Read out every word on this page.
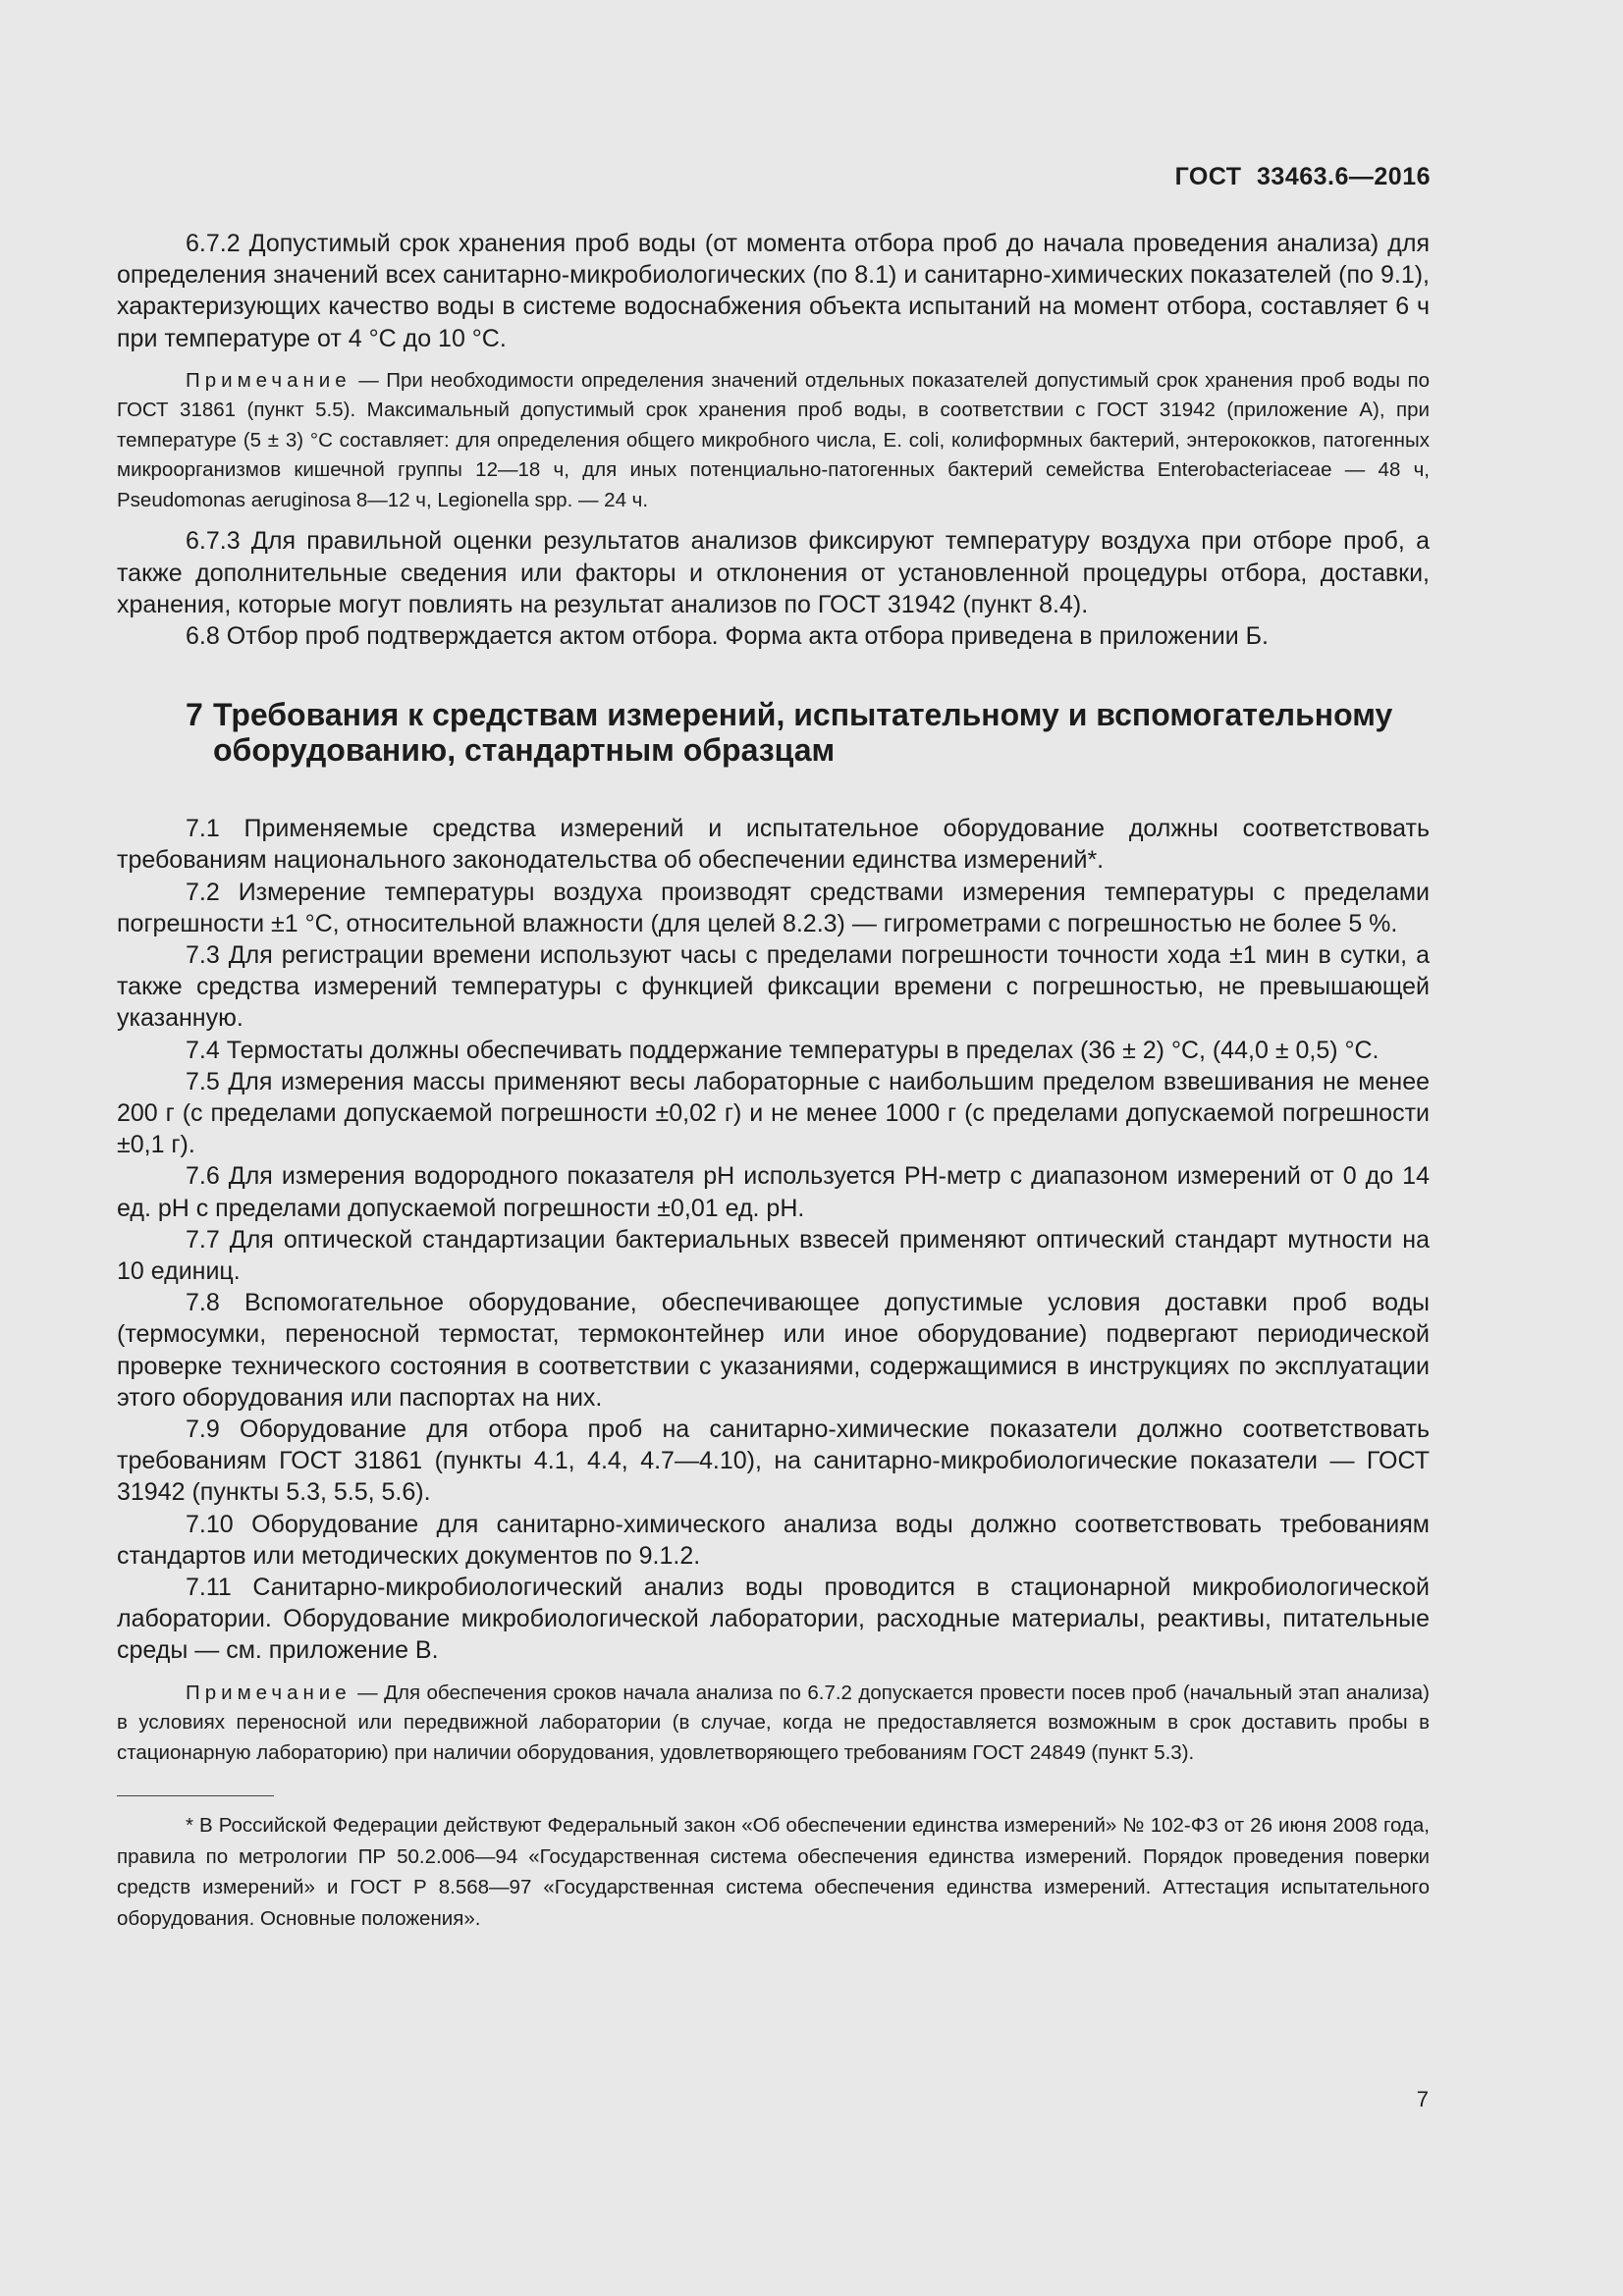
ГОСТ 33463.6—2016

6.7.2 Допустимый срок хранения проб воды (от момента отбора проб до начала проведения анализа) для определения значений всех санитарно-микробиологических (по 8.1) и санитарно-химических показателей (по 9.1), характеризующих качество воды в системе водоснабжения объекта испытаний на момент отбора, составляет 6 ч при температуре от 4 °С до 10 °С.

Примечание — При необходимости определения значений отдельных показателей допустимый срок хранения проб воды по ГОСТ 31861 (пункт 5.5). Максимальный допустимый срок хранения проб воды, в соответствии с ГОСТ 31942 (приложение А), при температуре (5 ± 3) °С составляет: для определения общего микробного числа, E. coli, колиформных бактерий, энтерококков, патогенных микроорганизмов кишечной группы 12—18 ч, для иных потенциально-патогенных бактерий семейства Enterobacteriaceae — 48 ч, Pseudomonas aeruginosa 8—12 ч, Legionella spp. — 24 ч.

6.7.3 Для правильной оценки результатов анализов фиксируют температуру воздуха при отборе проб, а также дополнительные сведения или факторы и отклонения от установленной процедуры отбора, доставки, хранения, которые могут повлиять на результат анализов по ГОСТ 31942 (пункт 8.4).

6.8 Отбор проб подтверждается актом отбора. Форма акта отбора приведена в приложении Б.

7 Требования к средствам измерений, испытательному и вспомогательному оборудованию, стандартным образцам

7.1 Применяемые средства измерений и испытательное оборудование должны соответствовать требованиям национального законодательства об обеспечении единства измерений*.

7.2 Измерение температуры воздуха производят средствами измерения температуры с пределами погрешности ±1 °С, относительной влажности (для целей 8.2.3) — гигрометрами с погрешностью не более 5 %.

7.3 Для регистрации времени используют часы с пределами погрешности точности хода ±1 мин в сутки, а также средства измерений температуры с функцией фиксации времени с погрешностью, не превышающей указанную.

7.4 Термостаты должны обеспечивать поддержание температуры в пределах (36 ± 2) °С, (44,0 ± 0,5) °С.

7.5 Для измерения массы применяют весы лабораторные с наибольшим пределом взвешивания не менее 200 г (с пределами допускаемой погрешности ±0,02 г) и не менее 1000 г (с пределами допускаемой погрешности ±0,1 г).

7.6 Для измерения водородного показателя pH используется PH-метр с диапазоном измерений от 0 до 14 ед. pH с пределами допускаемой погрешности ±0,01 ед. pH.

7.7 Для оптической стандартизации бактериальных взвесей применяют оптический стандарт мутности на 10 единиц.

7.8 Вспомогательное оборудование, обеспечивающее допустимые условия доставки проб воды (термосумки, переносной термостат, термоконтейнер или иное оборудование) подвергают периодической проверке технического состояния в соответствии с указаниями, содержащимися в инструкциях по эксплуатации этого оборудования или паспортах на них.

7.9 Оборудование для отбора проб на санитарно-химические показатели должно соответствовать требованиям ГОСТ 31861 (пункты 4.1, 4.4, 4.7—4.10), на санитарно-микробиологические показатели — ГОСТ 31942 (пункты 5.3, 5.5, 5.6).

7.10 Оборудование для санитарно-химического анализа воды должно соответствовать требованиям стандартов или методических документов по 9.1.2.

7.11 Санитарно-микробиологический анализ воды проводится в стационарной микробиологической лаборатории. Оборудование микробиологической лаборатории, расходные материалы, реактивы, питательные среды — см. приложение В.

Примечание — Для обеспечения сроков начала анализа по 6.7.2 допускается провести посев проб (начальный этап анализа) в условиях переносной или передвижной лаборатории (в случае, когда не предоставляется возможным в срок доставить пробы в стационарную лабораторию) при наличии оборудования, удовлетворяющего требованиям ГОСТ 24849 (пункт 5.3).

* В Российской Федерации действуют Федеральный закон «Об обеспечении единства измерений» № 102-ФЗ от 26 июня 2008 года, правила по метрологии ПР 50.2.006—94 «Государственная система обеспечения единства измерений. Порядок проведения поверки средств измерений» и ГОСТ Р 8.568—97 «Государственная система обеспечения единства измерений. Аттестация испытательного оборудования. Основные положения».

7
